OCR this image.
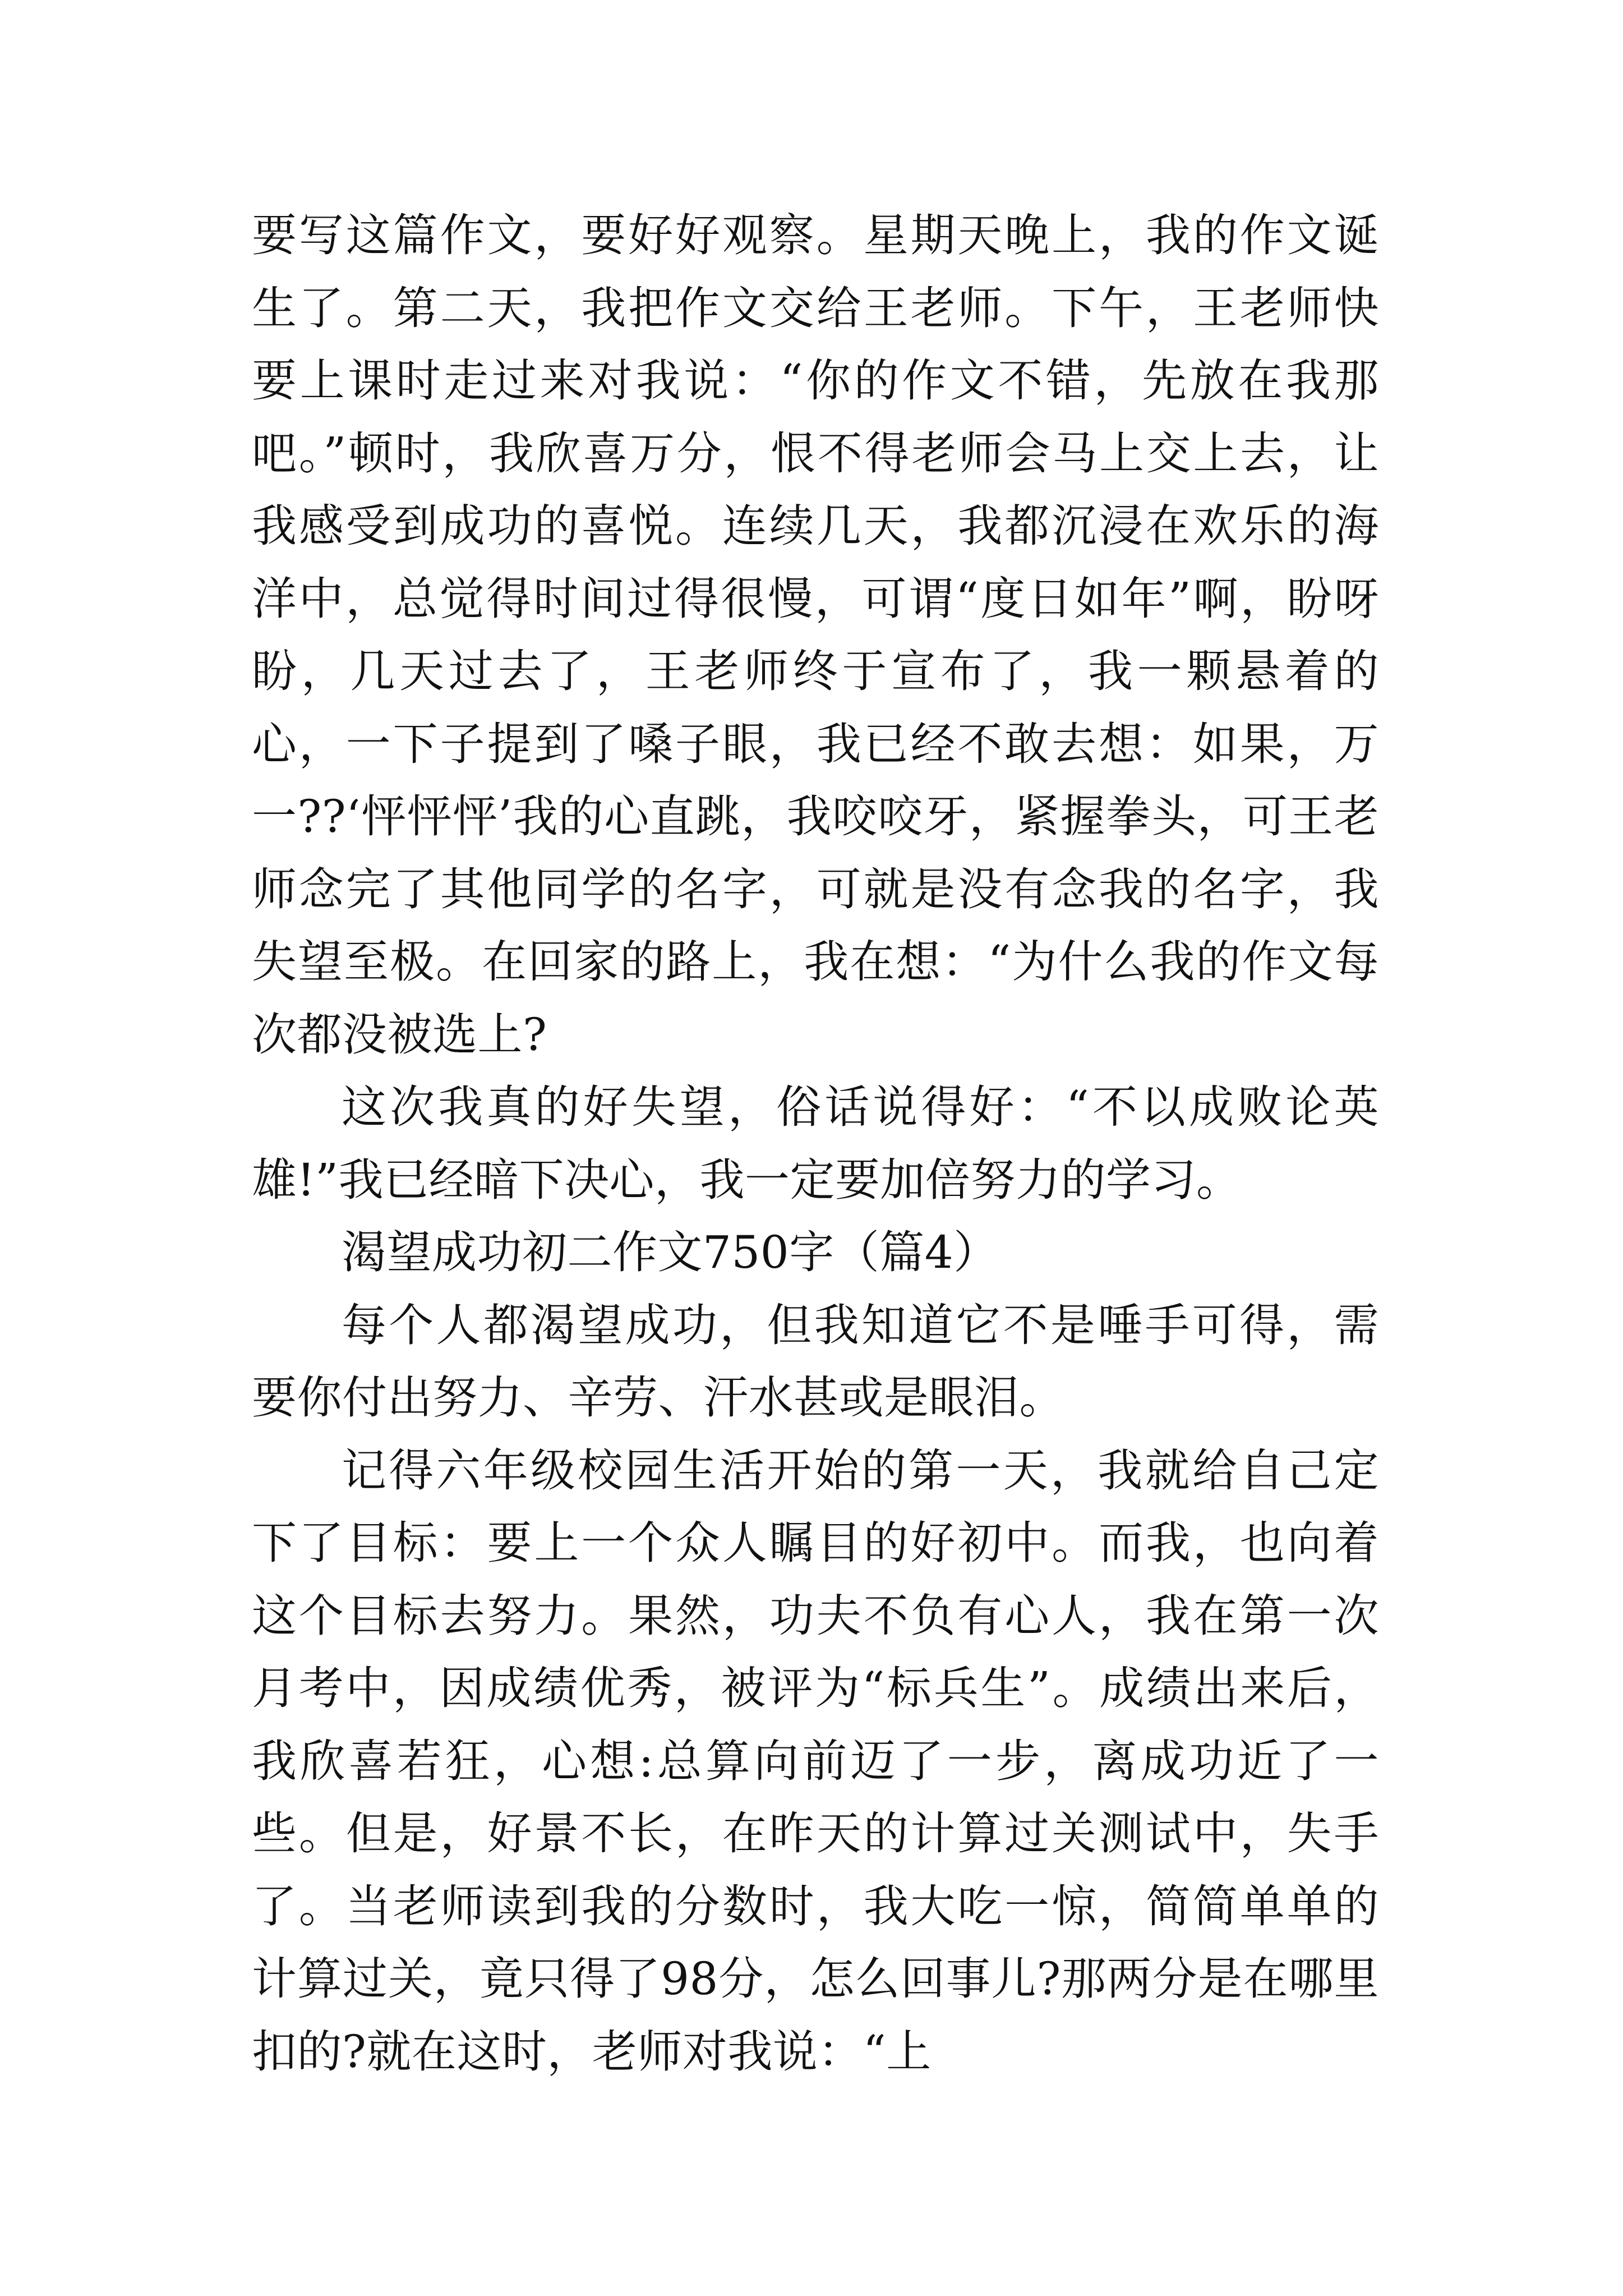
要写这篇作文，要好好观察。星期天晚上，我的作文诞生了。第二天，我把作文交给王老师。下午，王老师快要上课时走过来对我说：“你的作文不错，先放在我那吧。”顿时，我欣喜万分，恨不得老师会马上交上去，让我感受到成功的喜悦。连续几天，我都沉浸在欢乐的海洋中，总觉得时间过得很慢，可谓“度日如年”啊，盼呀盼，几天过去了，王老师终于宣布了，我一颗悬着的心，一下子提到了嗓子眼，我已经不敢去想：如果，万一??‘怦怦怦’我的心直跳，我咬咬牙，紧握拳头，可王老师念完了其他同学的名字，可就是没有念我的名字，我失望至极。在回家的路上，我在想：“为什么我的作文每次都没被选上?

这次我真的好失望，俗话说得好：“不以成败论英雄!”我已经暗下决心，我一定要加倍努力的学习。

渴望成功初二作文750字（篇4）

每个人都渴望成功，但我知道它不是唾手可得，需要你付出努力、辛劳、汗水甚或是眼泪。

记得六年级校园生活开始的第一天，我就给自己定下了目标：要上一个众人瞩目的好初中。而我，也向着这个目标去努力。果然，功夫不负有心人，我在第一次月考中，因成绩优秀，被评为“标兵生”。成绩出来后，我欣喜若狂，心想:总算向前迈了一步，离成功近了一些。但是，好景不长，在昨天的计算过关测试中，失手了。当老师读到我的分数时，我大吃一惊，简简单单的计算过关，竟只得了98分，怎么回事儿?那两分是在哪里扣的?就在这时，老师对我说：“上
